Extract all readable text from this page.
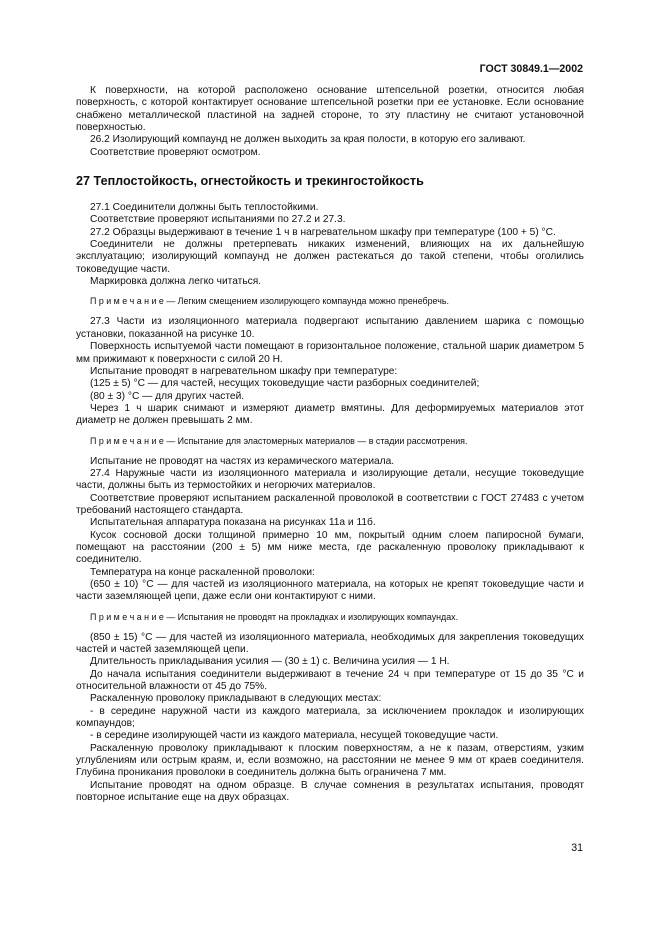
ГОСТ 30849.1—2002

К поверхности, на которой расположено основание штепсельной розетки, относится любая поверхность, с которой контактирует основание штепсельной розетки при ее установке. Если основание снабжено металлической пластиной на задней стороне, то эту пластину не считают установочной поверхностью.

26.2 Изолирующий компаунд не должен выходить за края полости, в которую его заливают.

Соответствие проверяют осмотром.

27 Теплостойкость, огнестойкость и трекингостойкость

27.1 Соединители должны быть теплостойкими.

Соответствие проверяют испытаниями по 27.2 и 27.3.

27.2 Образцы выдерживают в течение 1 ч в нагревательном шкафу при температуре (100 + 5) °С.

Соединители не должны претерпевать никаких изменений, влияющих на их дальнейшую эксплуатацию; изолирующий компаунд не должен растекаться до такой степени, чтобы оголились токоведущие части.

Маркировка должна легко читаться.

П р и м е ч а н и е — Легким смещением изолирующего компаунда можно пренебречь.

27.3 Части из изоляционного материала подвергают испытанию давлением шарика с помощью установки, показанной на рисунке 10.

Поверхность испытуемой части помещают в горизонтальное положение, стальной шарик диаметром 5 мм прижимают к поверхности с силой 20 Н.

Испытание проводят в нагревательном шкафу при температуре:

(125 ± 5) °С — для частей, несущих токоведущие части разборных соединителей;

(80 ± 3) °С — для других частей.

Через 1 ч шарик снимают и измеряют диаметр вмятины. Для деформируемых материалов этот диаметр не должен превышать 2 мм.

П р и м е ч а н и е — Испытание для эластомерных материалов — в стадии рассмотрения.

Испытание не проводят на частях из керамического материала.

27.4 Наружные части из изоляционного материала и изолирующие детали, несущие токоведущие части, должны быть из термостойких и негорючих материалов.

Соответствие проверяют испытанием раскаленной проволокой в соответствии с ГОСТ 27483 с учетом требований настоящего стандарта.

Испытательная аппаратура показана на рисунках 11а и 11б.

Кусок сосновой доски толщиной примерно 10 мм, покрытый одним слоем папиросной бумаги, помещают на расстоянии (200 ± 5) мм ниже места, где раскаленную проволоку прикладывают к соединителю.

Температура на конце раскаленной проволоки:

(650 ± 10) °С — для частей из изоляционного материала, на которых не крепят токоведущие части и части заземляющей цепи, даже если они контактируют с ними.

П р и м е ч а н и е — Испытания не проводят на прокладках и изолирующих компаундах.

(850 ± 15) °С — для частей из изоляционного материала, необходимых для закрепления токоведущих частей и частей заземляющей цепи.

Длительность прикладывания усилия — (30 ± 1) с. Величина усилия — 1 Н.

До начала испытания соединители выдерживают в течение 24 ч при температуре от 15 до 35 °С и относительной влажности от 45 до 75%.

Раскаленную проволоку прикладывают в следующих местах:

- в середине наружной части из каждого материала, за исключением прокладок и изолирующих компаундов;

- в середине изолирующей части из каждого материала, несущей токоведущие части.

Раскаленную проволоку прикладывают к плоским поверхностям, а не к пазам, отверстиям, узким углублениям или острым краям, и, если возможно, на расстоянии не менее 9 мм от краев соединителя. Глубина проникания проволоки в соединитель должна быть ограничена 7 мм.

Испытание проводят на одном образце. В случае сомнения в результатах испытания, проводят повторное испытание еще на двух образцах.

31
